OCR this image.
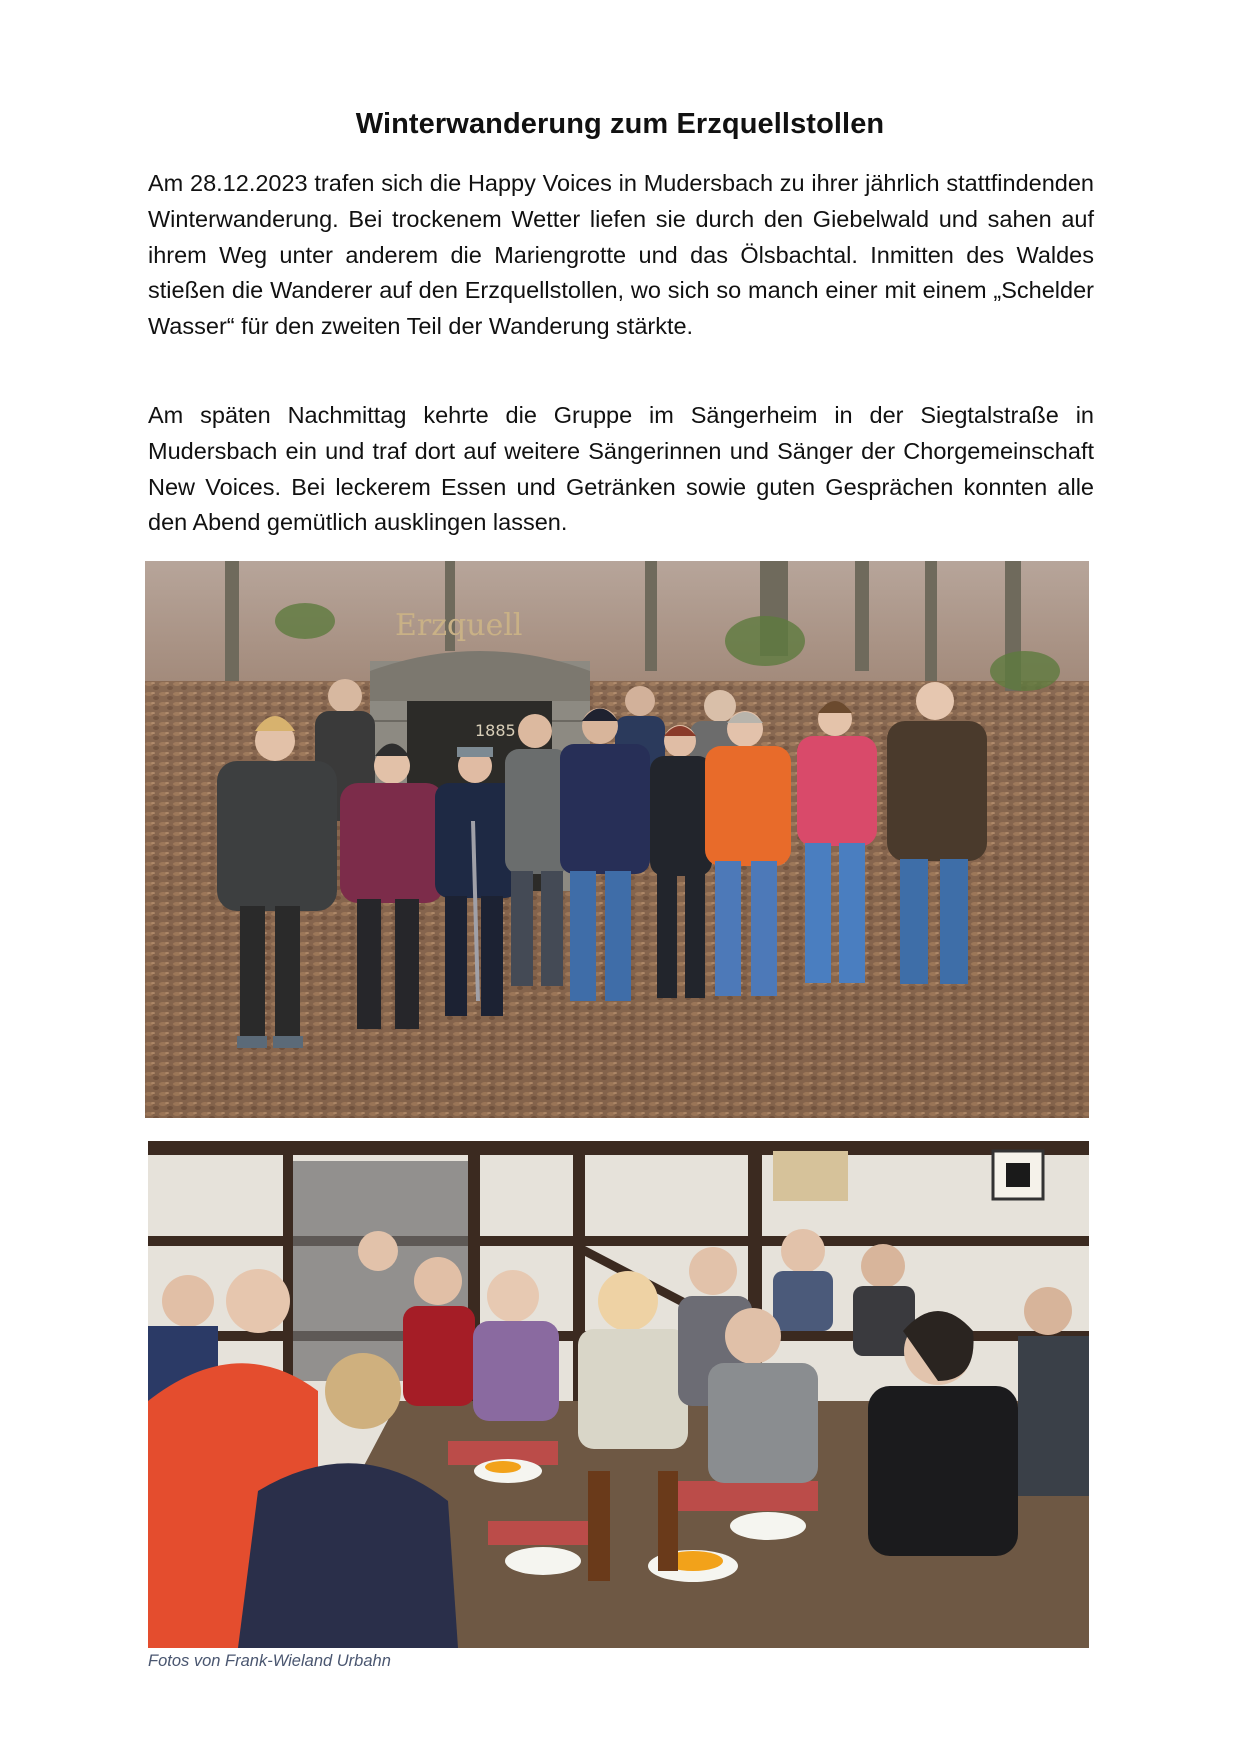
Winterwanderung zum Erzquellstollen

Am 28.12.2023 trafen sich die Happy Voices in Mudersbach zu ihrer jährlich stattfindenden Winterwanderung. Bei trockenem Wetter liefen sie durch den Giebelwald und sahen auf ihrem Weg unter anderem die Mariengrotte und das Ölsbachtal. Inmitten des Waldes stießen die Wanderer auf den Erzquellstollen, wo sich so manch einer mit einem „Schelder Wasser“ für den zweiten Teil der Wanderung stärkte.

Am späten Nachmittag kehrte die Gruppe im Sängerheim in der Siegtalstraße in Mudersbach ein und traf dort auf weitere Sängerinnen und Sänger der Chorgemeinschaft New Voices. Bei leckerem Essen und Getränken sowie guten Gesprächen konnten alle den Abend gemütlich ausklingen lassen.

Erzquell
1885
Fotos von Frank-Wieland Urbahn
